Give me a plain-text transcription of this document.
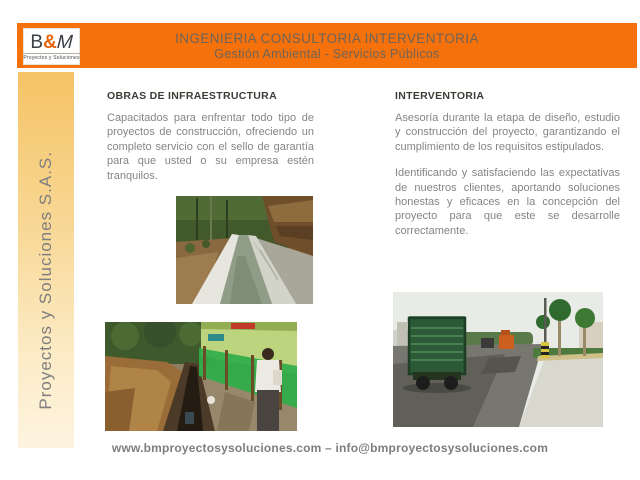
B&M
Proyectos y Soluciones
INGENIERIA CONSULTORIA INTERVENTORIA
Gestión Ambiental - Servicios Públicos
Proyectos y Soluciones S.A.S.
OBRAS DE INFRAESTRUCTURA

Capacitados para enfrentar todo tipo de proyectos de construcción, ofreciendo un completo servicio con el sello de garantía para que usted o su empresa estén tranquilos.

INTERVENTORIA

Asesoría durante la etapa de diseño, estudio y construcción del proyecto, garantizando el cumplimiento de los requisitos estipulados.

Identificando y satisfaciendo las expectativas de nuestros clientes, aportando soluciones honestas y eficaces en la concepción del proyecto para que este se desarrolle correctamente.

www.bmproyectosysoluciones.com – info@bmproyectosysoluciones.com
